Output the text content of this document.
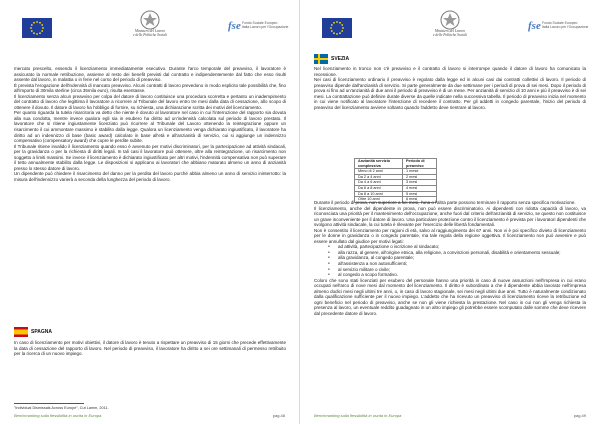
Ministero del Lavoro
e delle Politiche Sociali
fse Fondo Sociale Europeo
Italia Lavoro per l'Occupazione

mercato prescelto, essendo il licenziamento immediatamente esecutivo. Durante l'arco temporale del preavviso, il lavoratore è assicurato la normale retribuzione, assieme al resto dei benefit previsti dal contratto e indipendentemente dal fatto che esso risulti assente dal lavoro, in malattia o in ferie nel corso del periodo di preavviso.

È prevista l'erogazione dell'indennità di mancato preavviso. Alcuni contratti di lavoro prevedono in modo esplicito tale possibilità che, fino all'importo di 30mila sterline (circa 35mila euro), risulta esentasse.

Il licenziamento senza alcun preavviso per colpa del datore di lavoro costituisce una procedura scorretta e pertanto un inadempimento del contratto di lavoro che legittima il lavoratore a ricorrere al Tribunale del lavoro entro tre mesi dalla data di cessazione, allo scopo di ottenere il dovuto. Il datore di lavoro ha l'obbligo di fornire, su richiesta, una dichiarazione scritta dei motivi del licenziamento.

Per quanto riguarda la tutela risarcitoria va detto che niente è dovuto al lavoratore nel caso in cui l'interruzione del rapporto sia dovuta alla sua condotta, mentre invece qualora egli sia in esubero ha diritto ad un'indennità calcolata sul periodo di lavoro prestato. Il lavoratore che si ritiene ingiustamente licenziato può ricorrere al Tribunale del Lavoro ottenendo la reintegrazione oppure un risarcimento il cui ammontare massimo è stabilito dalla legge. Qualora un licenziamento venga dichiarato ingiustificato, il lavoratore ha diritto ad un indennizzo di base (basic award) calcolato in base all'età e all'anzianità di servizio, cui si aggiunge un indennizzo compensativo (compensatory award) che copre le perdite subite.

Il Tribunale ritiene invalido il licenziamento quando esso è avvenuto per motivi discriminatori, per la partecipazione ad attività sindacali, per la gravidanza o per la richiesta di diritti legali. In tali casi il lavoratore può ottenere, oltre alla reintegrazione, un risarcimento non soggetto a limiti massimi. Se invece il licenziamento è dichiarato ingiustificato per altri motivi, l'indennità compensativa non può superare il tetto annualmente stabilito dalla legge. Le disposizioni si applicano ai lavoratori che abbiano maturato almeno un anno di anzianità presso lo stesso datore di lavoro.

Un dipendente può chiedere il risarcimento del danno per la perdita del lavoro purché abbia almeno un anno di servizio ininterrotto: la misura dell'indennizzo varierà a seconda della lunghezza del periodo di lavoro.

SPAGNA

In caso di licenziamento per motivi obiettivi, il datore di lavoro è tenuto a rispettare un preavviso di 15 giorni che precede effettivamente la data di cessazione del rapporto di lavoro. Nel periodo di preavviso, il lavoratore ha diritto a sei ore settimanali di permesso retribuito per la ricerca di un nuovo impiego.

"Individual Dismissals Across Europe", Cut Lamm, 2011.
Benchmarking sulla flessibilità in uscita in Europa	pag.48
Ministero del Lavoro
e delle Politiche Sociali
fse Fondo Sociale Europeo
Italia Lavoro per l'Occupazione
SVEZIA

Nel licenziamento in tronco non c'è preavviso e il contratto di lavoro si interrompe quando il datore di lavoro ha comunicato la recessione.

Nei casi di licenziamento ordinario il preavviso è regolato dalla legge ed in alcuni casi dai contratti collettivi di lavoro. Il periodo di preavviso dipende dall'anzianità di servizio. Si parte generalmente da due settimane per i periodi di prova di sei mesi. Dopo il periodo di prova si fino ad un'anzianità di due anni il periodo di preavviso è di un mese. Per anzianità di servizio di 10 anni e più il preavviso è di sei mesi. La contrattazione può definire durate diverse da quelle indicate nella successiva tabella. Il periodo di preavviso inizia nel momento in cui viene notificato al lavoratore l'intenzione di recedere il contratto. Per gli addetti in congedo parentale, l'inizio del periodo di preavviso del licenziamento avviene soltanto quando l'addetto deve rientrare al lavoro.

Anzianità servizio complessiva	Periodo di preavviso
Meno di 2 anni	1 mese
Da 2 a 4 anni	2 mesi
Da 4 a 6 anni	3 mesi
Da 6 a 8 anni	4 mesi
Da 8 a 10 anni	5 mesi
Oltre 10 anni	6 mesi

Durante il periodo di prova, non superiore a sei mesi, l'una o l'altra parte possono terminare il rapporto senza specifica motivazione.

Il licenziamento, anche del dipendente in prova, non può essere discriminatorio. Ai dipendenti con ridotta capacità di lavoro, va riconosciuta una priorità per il mantenimento dell'occupazione, anche fuori dal criterio dell'anzianità di servizio, se questo non costituisce un grave inconveniente per il datore di lavoro. Una particolare protezione contro il licenziamento è prevista per i lavoratori dipendenti che svolgono attività sindacale, la cui tutela è rilevante per l'esercizio delle libertà fondamentali.

Non è consentito il licenziamento per ragioni di età, salvo al raggiungimento dei 67 anni. Non vi è poi specifico divieto di licenziamento per le donne in gravidanza o in congedo parentale, ma tale regola della regione oggettiva. Il licenziamento non può avvenire e può essere annullato dal giudice per motivi legati:

● ad attività, partecipazione o iscrizione al sindacato;
● alla razza, al genere, all'origine etnica, alla religione, a convinzioni personali, disabilità e orientamento sessuale;
● alla gravidanza, al congedo parentale;
● all'assistenza a non autosufficienti;
● al servizio militare o civile;
● al congedo a scopo formativo.

Coloro che sono stati licenziati per esubero del personale hanno una priorità in caso di nuove assunzioni nell'impresa in cui erano occupati nell'arco di nove mesi dal momento del licenziamento. Il diritto è subordinato a che il dipendente abbia lavorato nell'impresa almeno dodici mesi negli ultimi tre anni, o, in caso di lavoro stagionale, sei mesi negli ultimi due anni. Tutto è naturalmente condizionato dalla qualificazione sufficiente per il nuovo impiego. L'addetto che ha ricevuto un preavviso di licenziamento riceve la retribuzione ed ogni beneficio nel periodo di preavviso, anche se non gli viene richiesta la prestazione. Nel caso in cui non gli venga richiesta la presenza al lavoro, un eventuale reddito guadagnato in un altro impiego gli potrebbe essere scomputato dalle somme che deve ricevere dal precedente datore di lavoro.

Benchmarking sulla flessibilità in uscita in Europa	pag.49
